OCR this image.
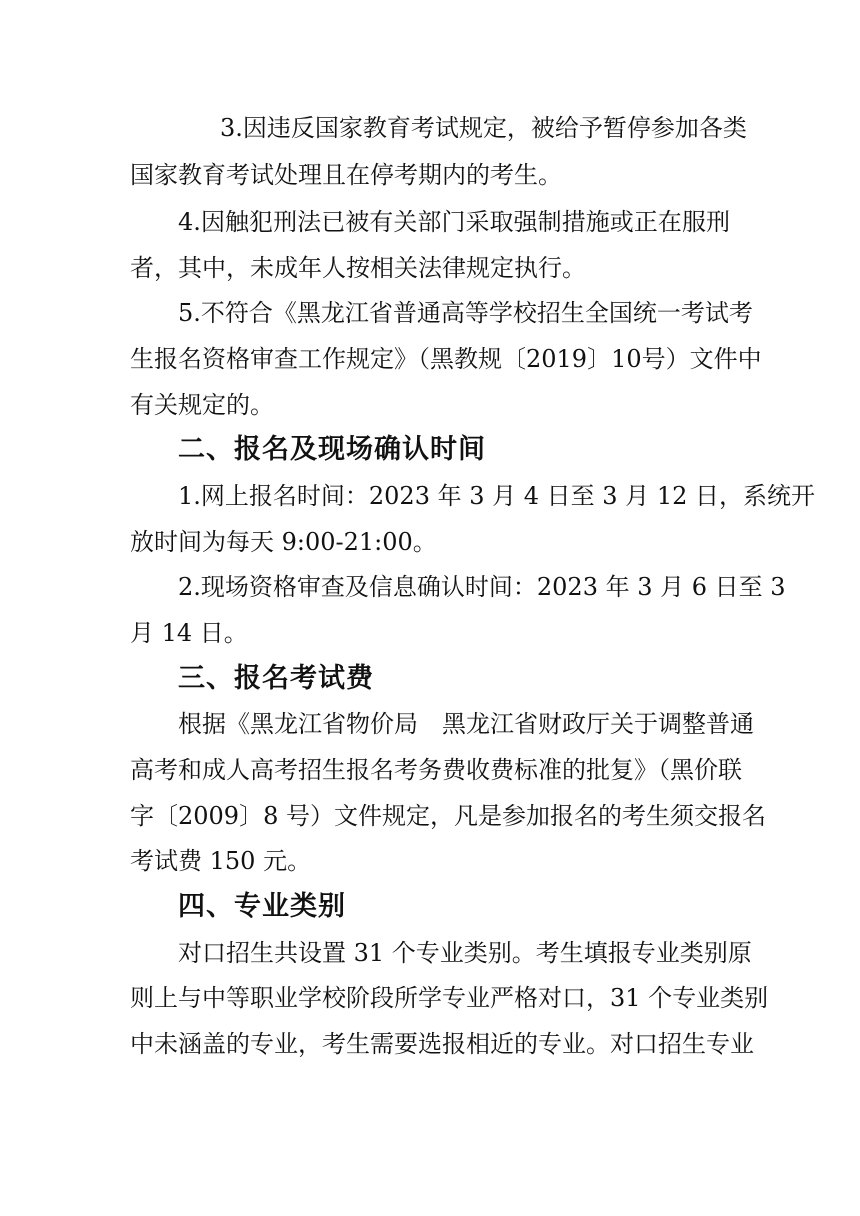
3.因违反国家教育考试规定，被给予暂停参加各类
国家教育考试处理且在停考期内的考生。
4.因触犯刑法已被有关部门采取强制措施或正在服刑
者，其中，未成年人按相关法律规定执行。
5.不符合《黑龙江省普通高等学校招生全国统一考试考
生报名资格审查工作规定》（黑教规〔2019〕10号）文件中
有关规定的。
二、报名及现场确认时间
1.网上报名时间：2023 年 3 月 4 日至 3 月 12 日，系统开
放时间为每天 9:00-21:00。
2.现场资格审查及信息确认时间：2023 年 3 月 6 日至 3
月 14 日。
三、报名考试费
根据《黑龙江省物价局　黑龙江省财政厅关于调整普通
高考和成人高考招生报名考务费收费标准的批复》（黑价联
字〔2009〕8 号）文件规定，凡是参加报名的考生须交报名
考试费 150 元。
四、专业类别
对口招生共设置 31 个专业类别。考生填报专业类别原
则上与中等职业学校阶段所学专业严格对口，31 个专业类别
中未涵盖的专业，考生需要选报相近的专业。对口招生专业
